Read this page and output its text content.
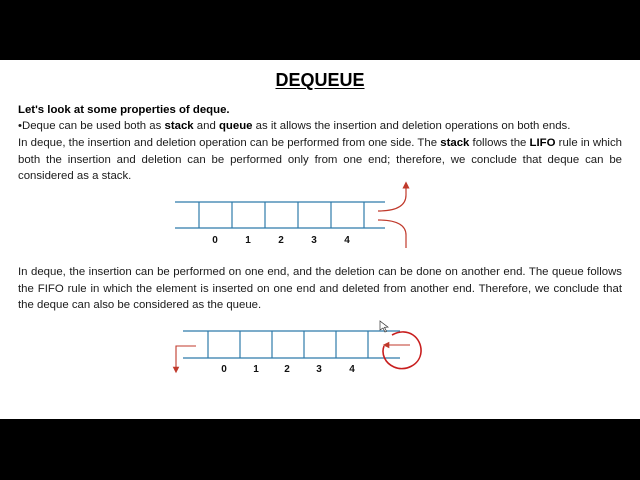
DEQUEUE
Let's look at some properties of deque.
•Deque can be used both as stack and queue as it allows the insertion and deletion operations on both ends.
In deque, the insertion and deletion operation can be performed from one side. The stack follows the LIFO rule in which both the insertion and deletion can be performed only from one end; therefore, we conclude that deque can be considered as a stack.
In deque, the insertion can be performed on one end, and the deletion can be done on another end. The queue follows the FIFO rule in which the element is inserted on one end and deleted from another end. Therefore, we conclude that the deque can also be considered as the queue.
0	1	2	3	4
0	1	2	3	4
